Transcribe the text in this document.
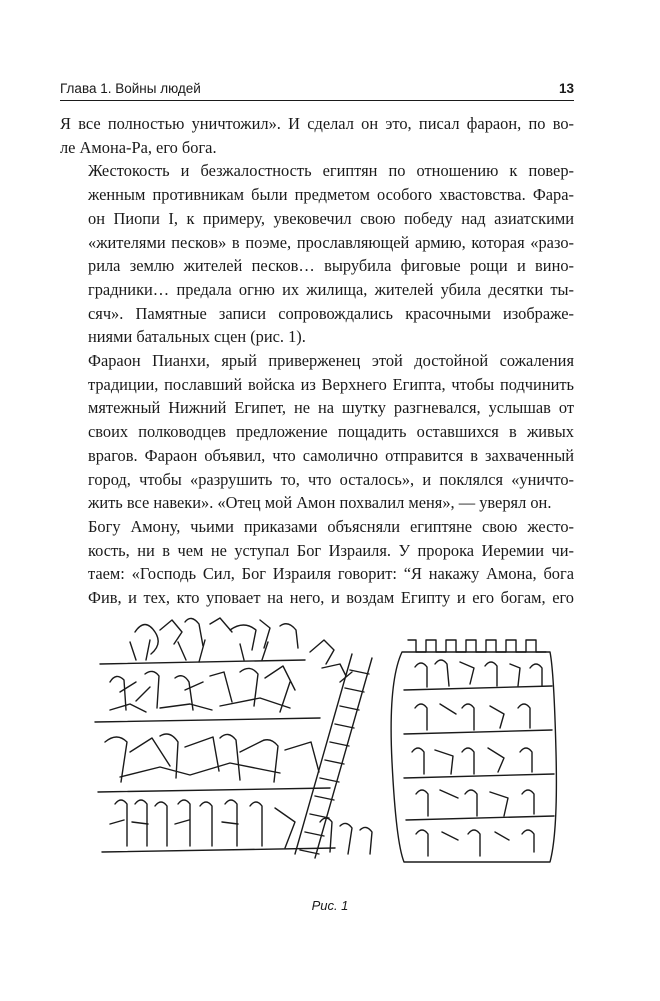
Глава 1. Войны людей	13

Я все полностью уничтожил». И сделал он это, писал фараон, по во-
ле Амона-Ра, его бога.

Жестокость и безжалостность египтян по отношению к повер-
женным противникам были предметом особого хвастовства. Фара-
он Пиопи I, к примеру, увековечил свою победу над азиатскими
«жителями песков» в поэме, прославляющей армию, которая «разо-
рила землю жителей песков… вырубила фиговые рощи и вино-
градники… предала огню их жилища, жителей убила десятки ты-
сяч». Памятные записи сопровождались красочными изображе-
ниями батальных сцен (рис. 1).

Фараон Пианхи, ярый приверженец этой достойной сожаления
традиции, пославший войска из Верхнего Египта, чтобы подчинить
мятежный Нижний Египет, не на шутку разгневался, услышав от
своих полководцев предложение пощадить оставшихся в живых
врагов. Фараон объявил, что самолично отправится в захваченный
город, чтобы «разрушить то, что осталось», и поклялся «уничто-
жить все навеки». «Отец мой Амон похвалил меня», — уверял он.

Богу Амону, чьими приказами объясняли египтяне свою жесто-
кость, ни в чем не уступал Бог Израиля. У пророка Иеремии чи-
таем: «Господь Сил, Бог Израиля говорит: “Я накажу Амона, бога
Фив, и тех, кто уповает на него, и воздам Египту и его богам, его

Рис. 1
